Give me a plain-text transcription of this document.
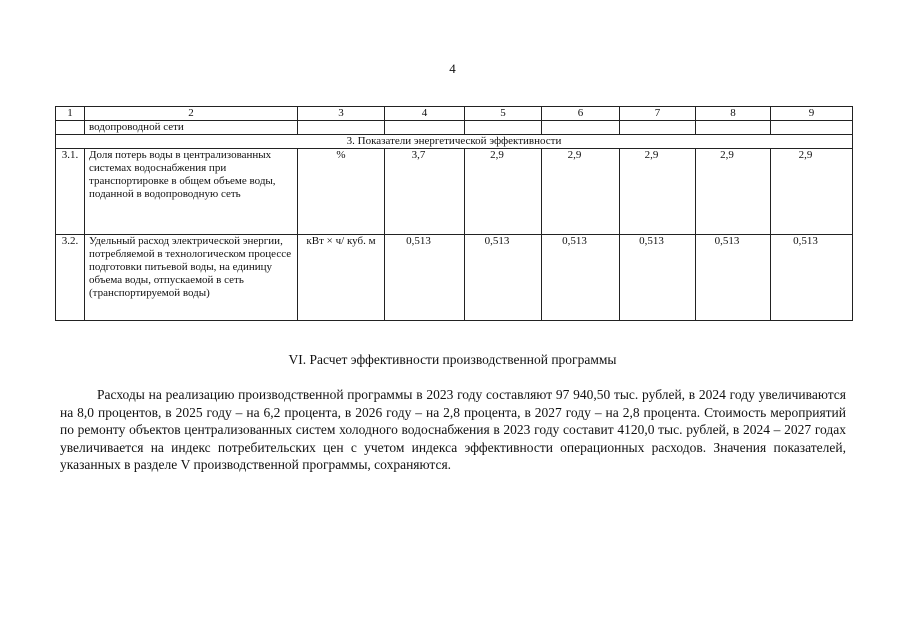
4
1	2	3	4	5	6	7	8	9
	водопроводной сети							
3. Показатели энергетической эффективности								
3.1.	Доля потерь воды в централизованных системах водоснабжения при транспортировке в общем объеме воды, поданной в водопроводную сеть	%	3,7	2,9	2,9	2,9	2,9	2,9
3.2.	Удельный расход электрической энергии, потребляемой в технологическом процессе подготовки питьевой воды, на единицу объема воды, отпускаемой в сеть (транспортируемой воды)	кВт × ч/ куб. м	0,513	0,513	0,513	0,513	0,513	0,513
VI. Расчет эффективности производственной программы
Расходы на реализацию производственной программы в 2023 году составляют 97 940,50 тыс. рублей, в 2024 году увеличиваются на 8,0 процентов, в 2025 году – на 6,2 процента, в 2026 году – на 2,8 процента, в 2027 году – на 2,8 процента. Стоимость мероприятий по ремонту объектов централизованных систем холодного водоснабжения в 2023 году составит 4120,0 тыс. рублей, в 2024 – 2027 годах увеличивается на индекс потребительских цен с учетом индекса эффективности операционных расходов. Значения показателей, указанных в разделе V производственной программы, сохраняются.
